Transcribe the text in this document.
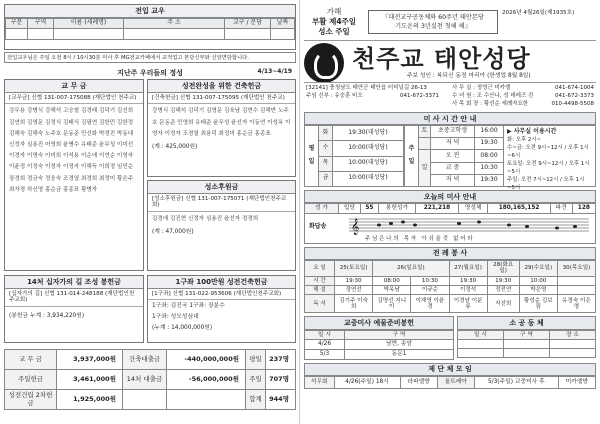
전입 교우
구분	구역	이름 (세례명)	주 소	교구 / 분당	날짜

전입교우님은 주일 오전 8시 / 10시30분 미사 후 MG전교카페에서 교적업고 본당신부와 신앙면담합니다.
지난주 우리들의 정성	4/13~4/19
교 무 금
[교무금] 신협 131-007-175088 (재단법인 천주교)
강무용 강병식 강해석 고승철 김경래 김덕기 김선희 김연희 김영문 김정식 김태식 김필연 김한민 김한정 김해숙 김해숙 노주호 문동준 민선화 박경진 박동대 신정자 심용진 어영희 윤병수 유태준 윤무성 이미선 이경자 이명숙 이미희 이석용 이순애 이연순 이영자 이윤정 이정숙 이정자 이정자 이해득 이희정 임민순 장경희 정금숙 정웅숙 조경열 최경희 최정미 황은주 최자경 하신영 홍순금 홍종표 황병자
성전완성을 위한 건축헌금
[건축헌금] 신협 131-007-175095 (재단법인 천주교)
강병식 김해석 김덕기 김영문 김육남 김현수 김해반 노주호 문동준 민영희 유태준 윤무성 윤선자 이동연 이성옥 이영자 이정자 조경열 최용덕 최정미 홍순금 홍종표
(계 : 425,000원)
성소후원금
[성소후원금] 신협 131-007-175071 (재단법인천주교회)
김경애 김진현 신정자 심용진 윤선자 정경희
(계 : 47,000원)
14처 십자가의 길 조성 봉헌금
[십자가의 길] 신협 131-014-248188 (재단법인천주교회)
(봉헌금 누계 : 3,934,220원)
1구좌 100만원 성전건축헌금
[1구좌] 신협 131-022-953606 (재단법인천주교회)
1구좌: 김진국 1구좌: 장분수
1구좌: 성모성심대
(누계 : 14,000,000원)
교 무 금	3,937,000원	건축대출금	-440,000,000원	평일	237명
주일헌금	3,461,000원	14처 대출금	-56,000,000원	주일	707명
성전건립 2차헌금	1,925,000원			합계	944명
가해
부활 제4주일
성소 주일
『대전교구공동체와 60주년 태안본당
기도운의 3년실천 첫해 해』
2026년 4월26일(제1935호)
천주교 태안성당
주보 성인 : 복되신 동정 마리아 (한생업 8월 8일)
[32141] 충청남도 태안군 태안읍 터미널길 26-13	사 무 실 : 정영근 미카엘	041-674-1004
주임 신부 : 유숭훈 비오	041-672-3371 수 녀 원 : 조 수산나, 성 데레즈 진	041-672-3373
사 목 회 장 : 황선순 세례자요한	010-4498-5508
미 사 시 간 안 내
평

일	화	19:30(대성당)
	수	10:00(대성당)
	목	10:00(대성당)
	금	10:00(대성당)
주

일	토	초중고학생	16:00
		저 녁	19:30
	일	오 전	08:00
		교 중	10:30
		저 녁	19:30
▶ 사무실 이용시간
화: 오후 2시~
수~금: 오전 9시~12시 / 오후 1시~6시
토요일: 오전 9시~12시 / 오후 1시~5시
주일: 오전 7시~12시 / 오후 1시~5시
오늘의 미사 안내
성 가	입당	55	봉헌성가	221,218	영성체	180,165,152	파견	128
화답송 𝄞
주 님 은 나 의   목 자   아 쉬 울 것   없 어 라
전 례 봉 사
요 일	25(토요일)	26(일요일)		27(월요일)	28(화요일)	29(수요일)	30(목요일)
시 간	19:30	08:00	10:30	19:30	19:30	10:00	
해 설	정연선	박옥남	이규순	이정석	정전연	박은영	
독 서	김기주 이숙희	김명선 지니이	이재영 이윤경	이경남 이분류	지선희	황성순 김보림	유정숙 이은영
교중미사 예물준비봉헌
일 시	구 역
4/26	남면, 송암
5/3	동문1
소 공 동 체
일 시	구 역	장 소

제 단 체 모 임
석우회	4/26(주일) 18시	라파엘방	울트레아	5/3(주일) 교중미사 후	미카엘방
